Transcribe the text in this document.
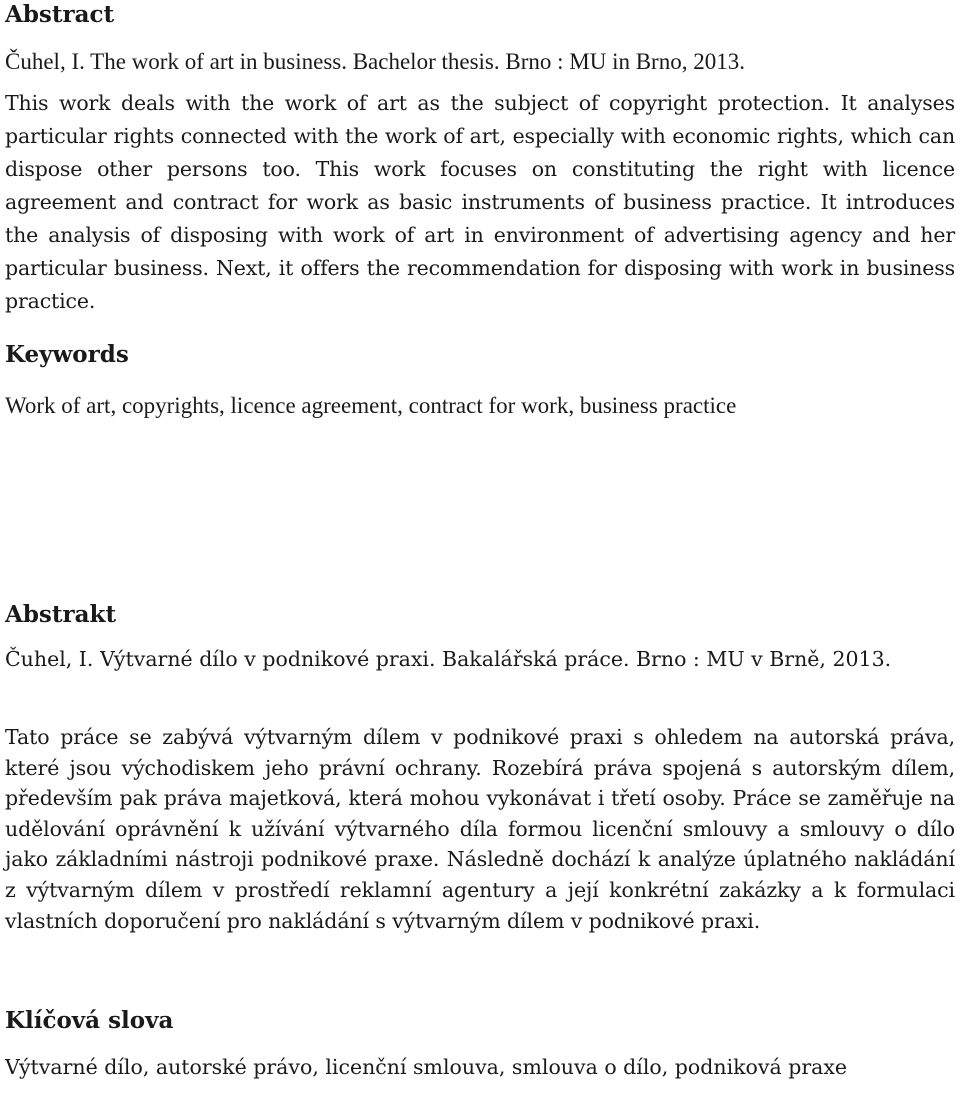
Abstract

Čuhel, I. The work of art in business. Bachelor thesis. Brno : MU in Brno, 2013.

This work deals with the work of art as the subject of copyright protection. It analyses particular rights connected with the work of art, especially with economic rights, which can dispose other persons too. This work focuses on constituting the right with licence agreement and contract for work as basic instruments of business practice. It introduces the analysis of disposing with work of art in environment of advertising agency and her particular business. Next, it offers the recommendation for disposing with work in business practice.

Keywords

Work of art, copyrights, licence agreement, contract for work, business practice

Abstrakt

Čuhel, I. Výtvarné dílo v podnikové praxi. Bakalářská práce. Brno : MU v Brně, 2013.

Tato práce se zabývá výtvarným dílem v podnikové praxi s ohledem na autorská práva, které jsou východiskem jeho právní ochrany. Rozebírá práva spojená s autorským dílem, především pak práva majetková, která mohou vykonávat i třetí osoby. Práce se zaměřuje na udělování oprávnění k užívání výtvarného díla formou licenční smlouvy a smlouvy o dílo jako základními nástroji podnikové praxe. Následně dochází k analýze úplatného nakládání z výtvarným dílem v prostředí reklamní agentury a její konkrétní zakázky a k formulaci vlastních doporučení pro nakládání s výtvarným dílem v podnikové praxi.

Klíčová slova

Výtvarné dílo, autorské právo, licenční smlouva, smlouva o dílo, podniková praxe
